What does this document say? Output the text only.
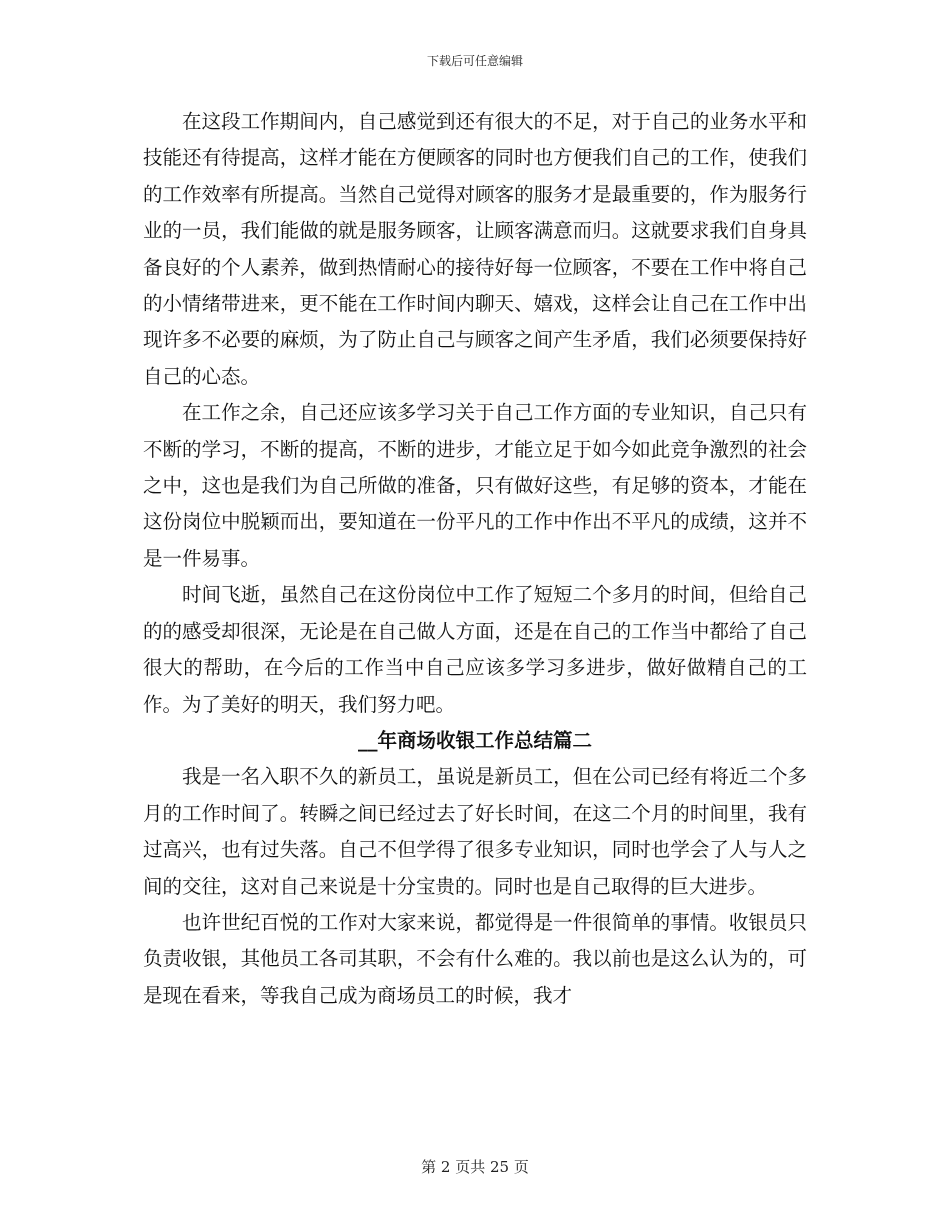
下载后可任意编辑

在这段工作期间内，自己感觉到还有很大的不足，对于自己的业务水平和技能还有待提高，这样才能在方便顾客的同时也方便我们自己的工作，使我们的工作效率有所提高。当然自己觉得对顾客的服务才是最重要的，作为服务行业的一员，我们能做的就是服务顾客，让顾客满意而归。这就要求我们自身具备良好的个人素养，做到热情耐心的接待好每一位顾客，不要在工作中将自己的小情绪带进来，更不能在工作时间内聊天、嬉戏，这样会让自己在工作中出现许多不必要的麻烦，为了防止自己与顾客之间产生矛盾，我们必须要保持好自己的心态。

在工作之余，自己还应该多学习关于自己工作方面的专业知识，自己只有不断的学习，不断的提高，不断的进步，才能立足于如今如此竞争激烈的社会之中，这也是我们为自己所做的准备，只有做好这些，有足够的资本，才能在这份岗位中脱颖而出，要知道在一份平凡的工作中作出不平凡的成绩，这并不是一件易事。

时间飞逝，虽然自己在这份岗位中工作了短短二个多月的时间，但给自己的的感受却很深，无论是在自己做人方面，还是在自己的工作当中都给了自己很大的帮助，在今后的工作当中自己应该多学习多进步，做好做精自己的工作。为了美好的明天，我们努力吧。

__年商场收银工作总结篇二

我是一名入职不久的新员工，虽说是新员工，但在公司已经有将近二个多月的工作时间了。转瞬之间已经过去了好长时间，在这二个月的时间里，我有过高兴，也有过失落。自己不但学得了很多专业知识，同时也学会了人与人之间的交往，这对自己来说是十分宝贵的。同时也是自己取得的巨大进步。

也许世纪百悦的工作对大家来说，都觉得是一件很简单的事情。收银员只负责收银，其他员工各司其职，不会有什么难的。我以前也是这么认为的，可是现在看来，等我自己成为商场员工的时候，我才

第 2 页共 25 页
